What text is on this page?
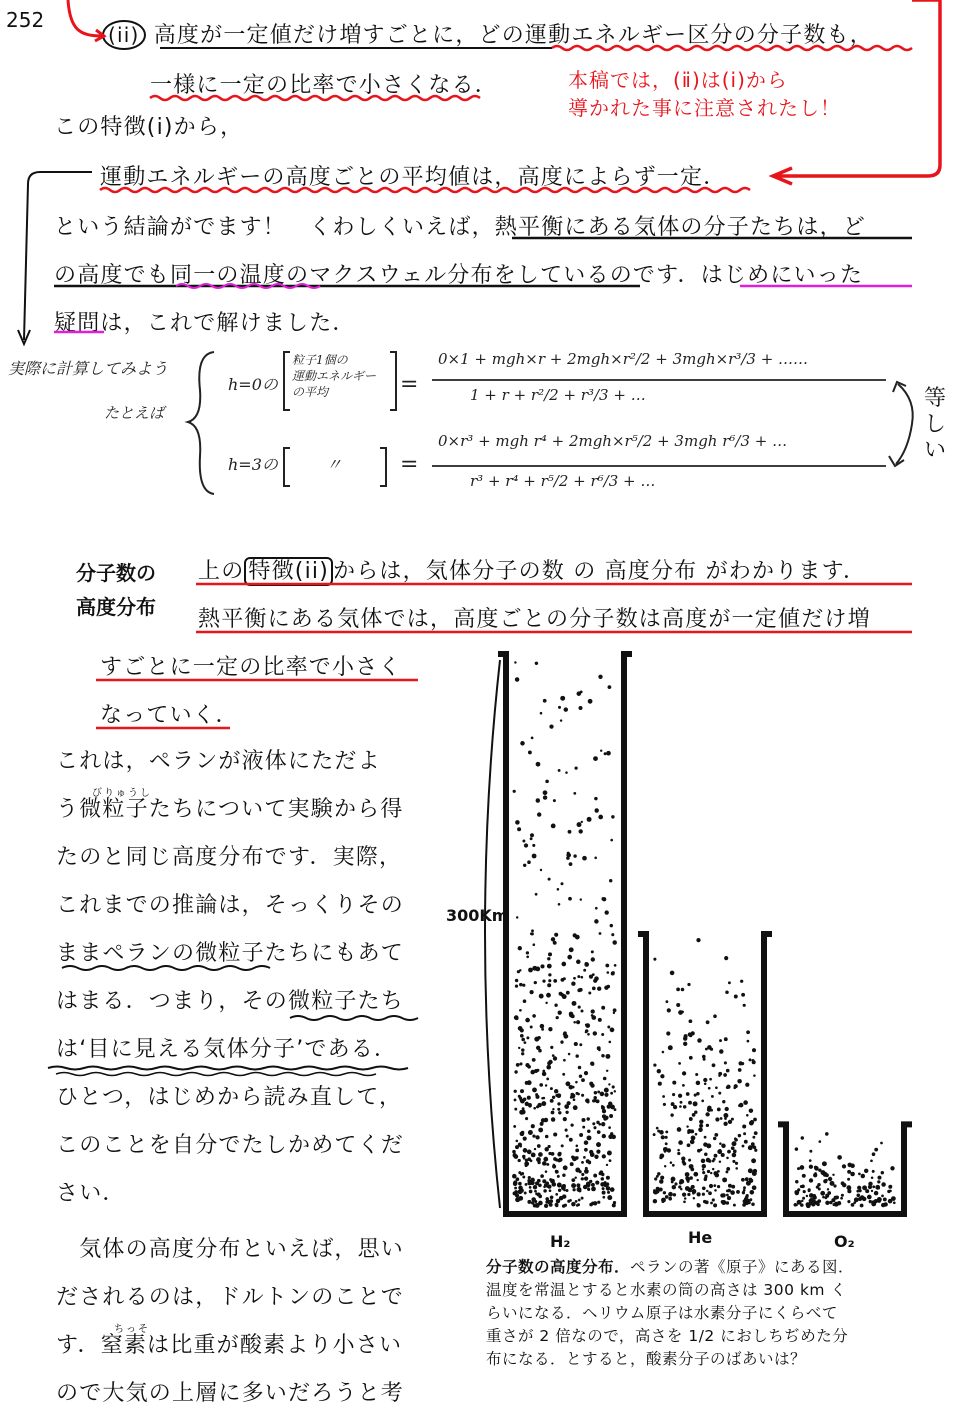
252
(ii) 高度が一定値だけ増すごとに，どの運動エネルギー区分の分子数も，
一様に一定の比率で小さくなる．	本稿では，(ⅱ)は(ⅰ)から
導かれた事に注意されたし！
この特徴(i)から，
運動エネルギーの高度ごとの平均値は，高度によらず一定．
という結論がでます！　くわしくいえば，熱平衡にある気体の分子たちは，ど
の高度でも同一の温度のマクスウェル分布をしているのです．はじめにいった
疑問は，これで解けました．
実際に計算してみよう
たとえば
h=0の
粒子1個の
運動エネルギー
の平均	=
0×1 + mgh×r + 2mgh×r²/2 + 3mgh×r³/3 + ……
1 + r + r²/2 + r³/3 + …
h=3の	〃	=
0×r³ + mgh r⁴ + 2mgh×r⁵/2 + 3mgh r⁶/3 + …
r³ + r⁴ + r⁵/2 + r⁶/3 + …
等しい
分子数の
高度分布
上の 特徴(ii) からは，気体分子の数 の 高度分布 がわかります．
熱平衡にある気体では，高度ごとの分子数は高度が一定値だけ増
すごとに一定の比率で小さく
なっていく．
これは，ペランが液体にただよ
う微粒子たちについて実験から得
たのと同じ高度分布です．実際，
これまでの推論は，そっくりその
ままペランの微粒子たちにもあて
はまる．つまり，その微粒子たち
は‘目に見える気体分子’である．
ひとつ，はじめから読み直して，
このことを自分でたしかめてくだ
さい．
びりゅうし
　気体の高度分布といえば，思い
だされるのは，ドルトンのことで
す．窒素は比重が酸素より小さい
ので大気の上層に多いだろうと考
ちっそ
300Km
H₂	He	O₂
分子数の高度分布．ペランの著《原子》にある図．
温度を常温とすると水素の筒の高さは 300 km く
らいになる．ヘリウム原子は水素分子にくらべて
重さが 2 倍なので，高さを 1/2 におしちぢめた分
布になる．とすると，酸素分子のばあいは？
